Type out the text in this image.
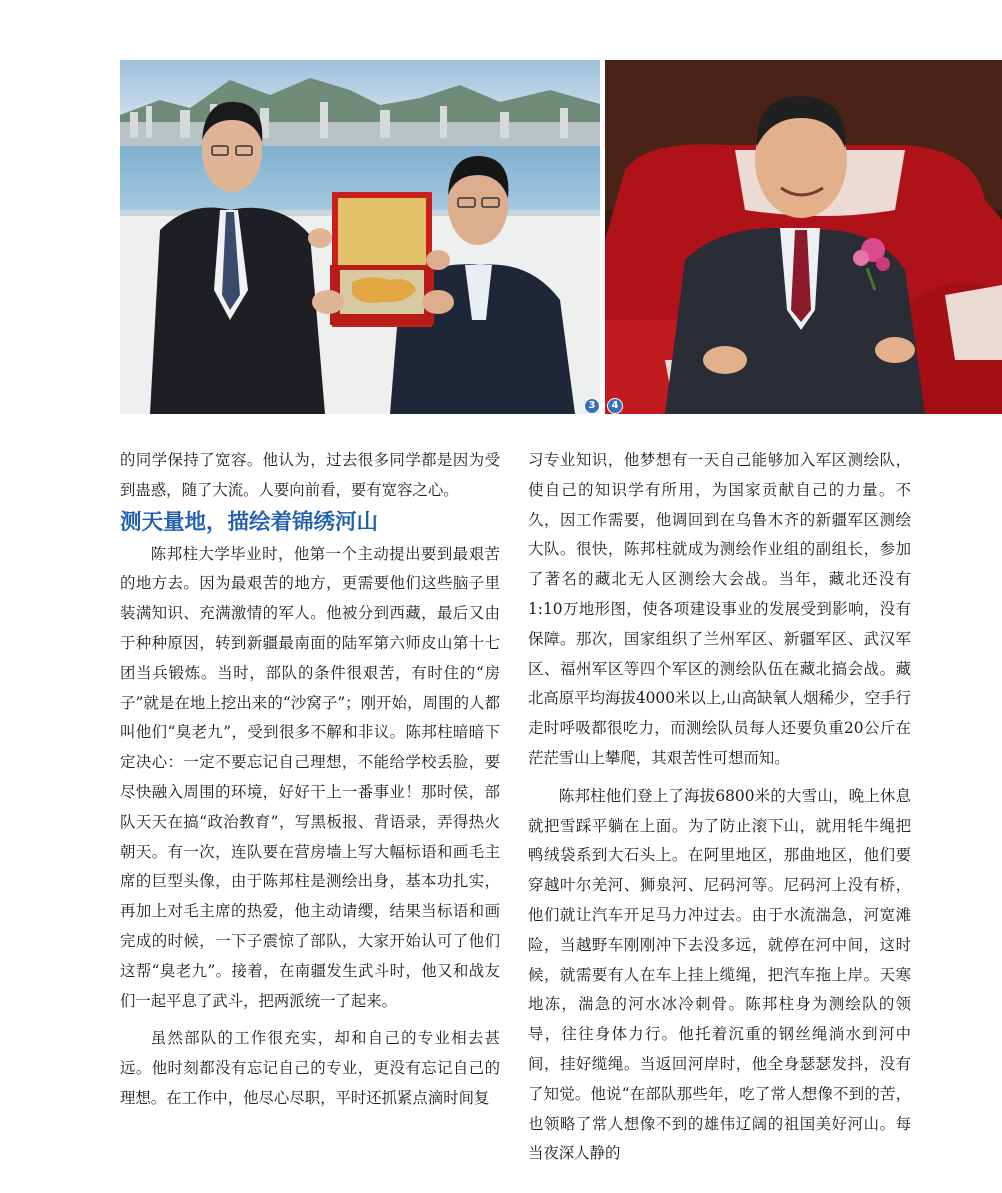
3	4

的同学保持了宽容。他认为，过去很多同学都是因为受到蛊惑，随了大流。人要向前看，要有宽容之心。

测天量地，描绘着锦绣河山

陈邦柱大学毕业时，他第一个主动提出要到最艰苦的地方去。因为最艰苦的地方，更需要他们这些脑子里装满知识、充满激情的军人。他被分到西藏，最后又由于种种原因，转到新疆最南面的陆军第六师皮山第十七团当兵锻炼。当时，部队的条件很艰苦，有时住的“房子”就是在地上挖出来的“沙窝子”；刚开始，周围的人都叫他们“臭老九”，受到很多不解和非议。陈邦柱暗暗下定决心：一定不要忘记自己理想，不能给学校丢脸，要尽快融入周围的环境，好好干上一番事业！那时侯，部队天天在搞“政治教育”，写黑板报、背语录，弄得热火朝天。有一次，连队要在营房墙上写大幅标语和画毛主席的巨型头像，由于陈邦柱是测绘出身，基本功扎实，再加上对毛主席的热爱，他主动请缨，结果当标语和画完成的时候，一下子震惊了部队，大家开始认可了他们这帮“臭老九”。接着，在南疆发生武斗时，他又和战友们一起平息了武斗，把两派统一了起来。

虽然部队的工作很充实，却和自己的专业相去甚远。他时刻都没有忘记自己的专业，更没有忘记自己的理想。在工作中，他尽心尽职，平时还抓紧点滴时间复

习专业知识，他梦想有一天自己能够加入军区测绘队，使自己的知识学有所用，为国家贡献自己的力量。不久，因工作需要，他调回到在乌鲁木齐的新疆军区测绘大队。很快，陈邦柱就成为测绘作业组的副组长，参加了著名的藏北无人区测绘大会战。当年，藏北还没有1:10万地形图，使各项建设事业的发展受到影响，没有保障。那次，国家组织了兰州军区、新疆军区、武汉军区、福州军区等四个军区的测绘队伍在藏北搞会战。藏北高原平均海拔4000米以上,山高缺氧人烟稀少，空手行走时呼吸都很吃力，而测绘队员每人还要负重20公斤在茫茫雪山上攀爬，其艰苦性可想而知。

陈邦柱他们登上了海拔6800米的大雪山，晚上休息就把雪踩平躺在上面。为了防止滚下山，就用牦牛绳把鸭绒袋系到大石头上。在阿里地区，那曲地区，他们要穿越叶尔羌河、狮泉河、尼码河等。尼码河上没有桥，他们就让汽车开足马力冲过去。由于水流湍急，河宽滩险，当越野车刚刚冲下去没多远，就停在河中间，这时候，就需要有人在车上挂上缆绳，把汽车拖上岸。天寒地冻，湍急的河水冰冷刺骨。陈邦柱身为测绘队的领导，往往身体力行。他托着沉重的钢丝绳淌水到河中间，挂好缆绳。当返回河岸时，他全身瑟瑟发抖，没有了知觉。他说“在部队那些年，吃了常人想像不到的苦，也领略了常人想像不到的雄伟辽阔的祖国美好河山。每当夜深人静的
